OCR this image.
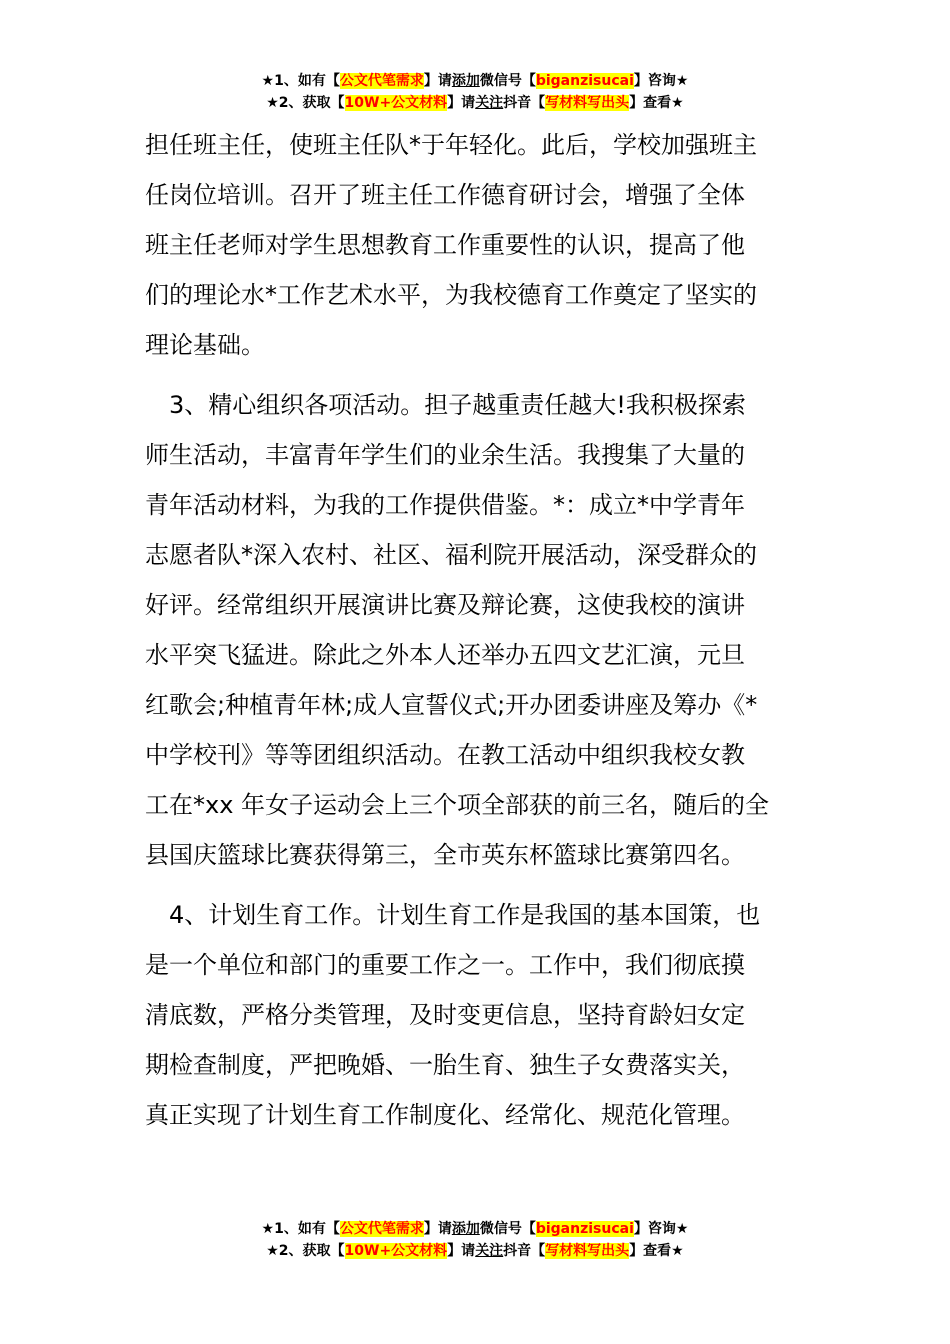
★1、如有【公文代笔需求】请添加微信号【biganzisucai】咨询★
★2、获取【10W+公文材料】请关注抖音【写材料写出头】查看★

担任班主任，使班主任队*于年轻化。此后，学校加强班主
任岗位培训。召开了班主任工作德育研讨会，增强了全体
班主任老师对学生思想教育工作重要性的认识，提高了他
们的理论水*工作艺术水平，为我校德育工作奠定了坚实的
理论基础。

　3、精心组织各项活动。担子越重责任越大!我积极探索
师生活动，丰富青年学生们的业余生活。我搜集了大量的
青年活动材料，为我的工作提供借鉴。*：成立*中学青年
志愿者队*深入农村、社区、福利院开展活动，深受群众的
好评。经常组织开展演讲比赛及辩论赛，这使我校的演讲
水平突飞猛进。除此之外本人还举办五四文艺汇演，元旦
红歌会;种植青年林;成人宣誓仪式;开办团委讲座及筹办《*
中学校刊》等等团组织活动。在教工活动中组织我校女教
工在*xx 年女子运动会上三个项全部获的前三名，随后的全
县国庆篮球比赛获得第三，全市英东杯篮球比赛第四名。

　4、计划生育工作。计划生育工作是我国的基本国策，也
是一个单位和部门的重要工作之一。工作中，我们彻底摸
清底数，严格分类管理，及时变更信息，坚持育龄妇女定
期检查制度，严把晚婚、一胎生育、独生子女费落实关，
真正实现了计划生育工作制度化、经常化、规范化管理。

★1、如有【公文代笔需求】请添加微信号【biganzisucai】咨询★
★2、获取【10W+公文材料】请关注抖音【写材料写出头】查看★
